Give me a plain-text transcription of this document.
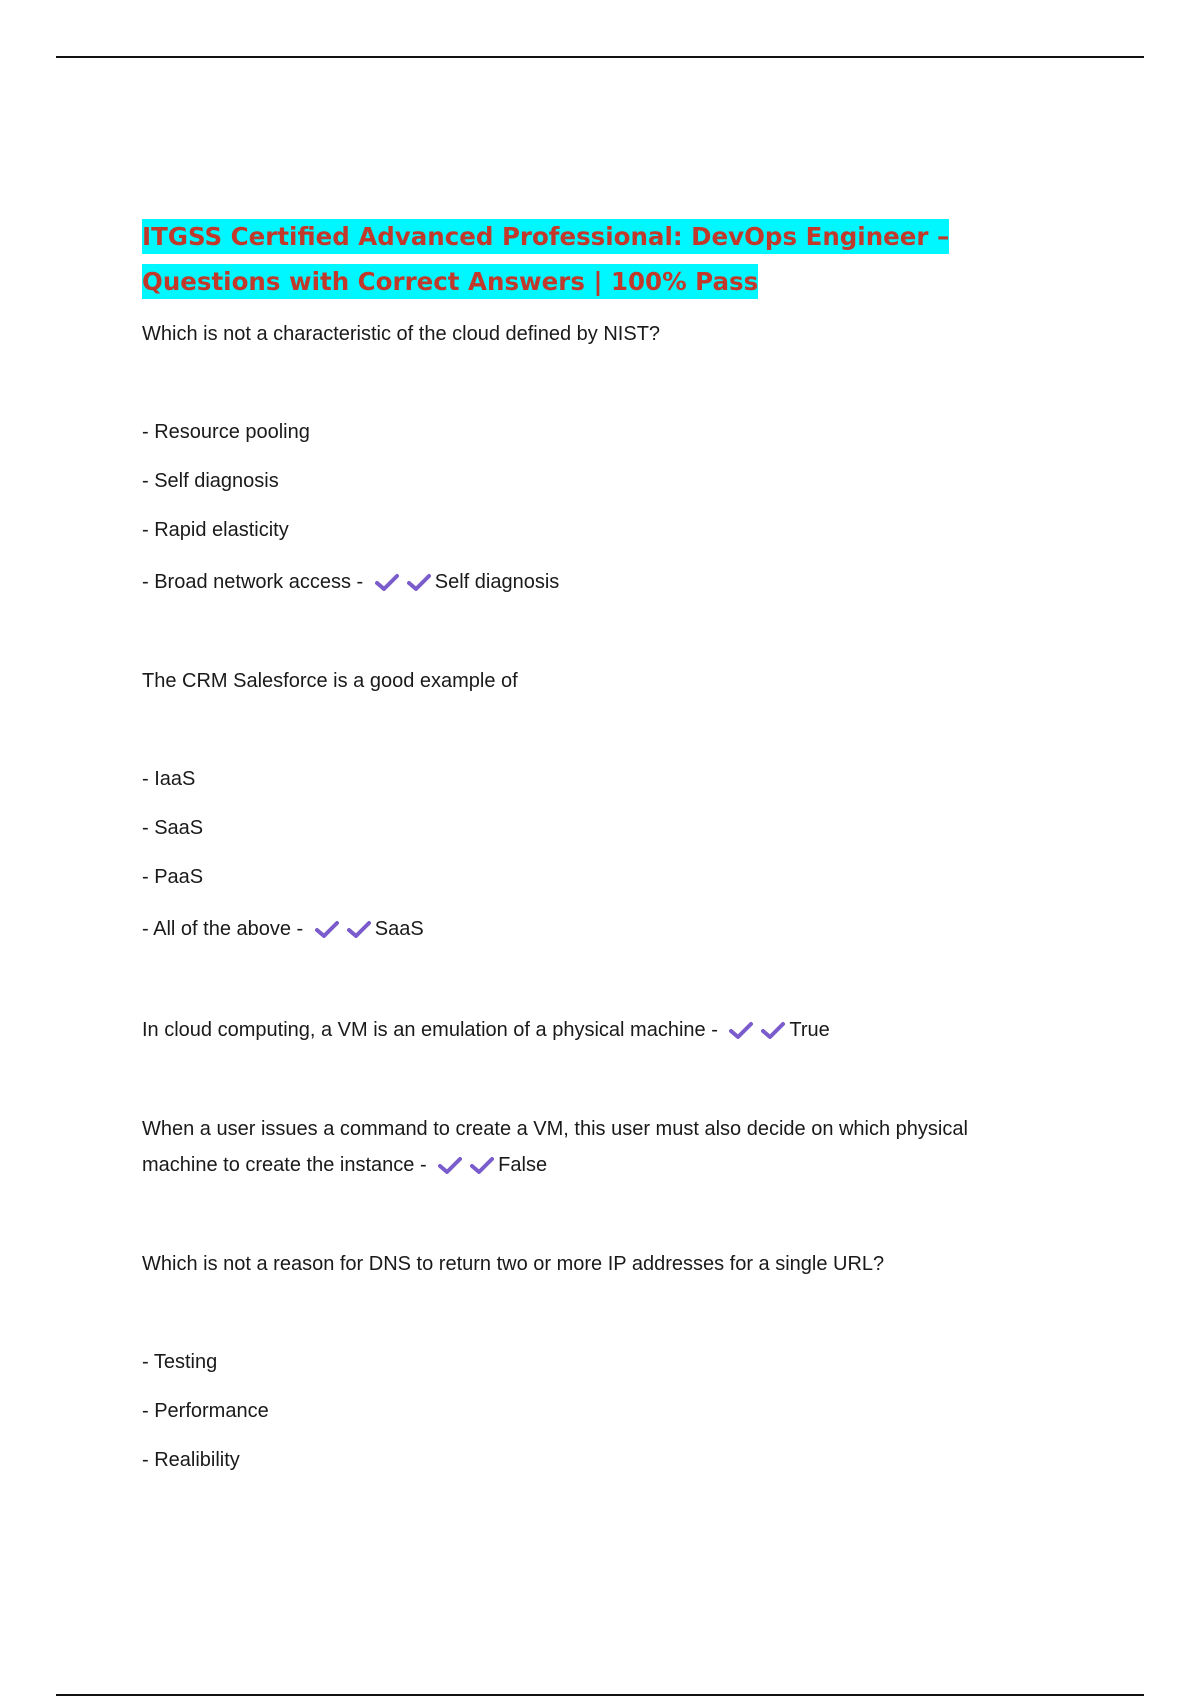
ITGSS Certified Advanced Professional: DevOps Engineer – Questions with Correct Answers | 100% Pass
Which is not a characteristic of the cloud defined by NIST?
- Resource pooling
- Self diagnosis
- Rapid elasticity
- Broad network access -	Self diagnosis
The CRM Salesforce is a good example of
- IaaS
- SaaS
- PaaS
- All of the above -	SaaS
In cloud computing, a VM is an emulation of a physical machine -	True
When a user issues a command to create a VM, this user must also decide on which physical
machine to create the instance -	False
Which is not a reason for DNS to return two or more IP addresses for a single URL?
- Testing
- Performance
- Realibility
